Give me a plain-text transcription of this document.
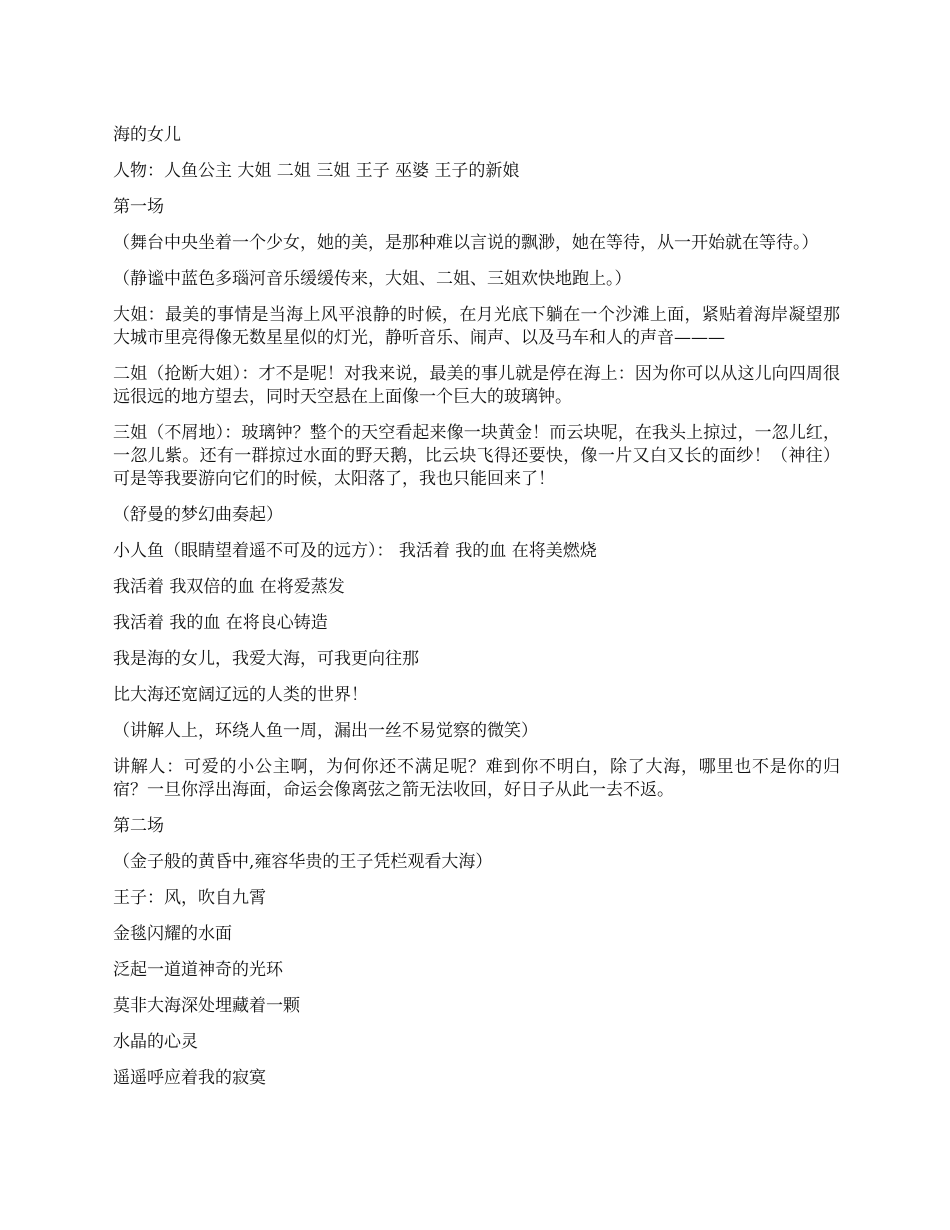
海的女儿

人物：人鱼公主 大姐 二姐 三姐 王子 巫婆 王子的新娘

第一场

（舞台中央坐着一个少女，她的美，是那种难以言说的飘渺，她在等待，从一开始就在等待。）

（静谧中蓝色多瑙河音乐缓缓传来，大姐、二姐、三姐欢快地跑上。）

大姐：最美的事情是当海上风平浪静的时候，在月光底下躺在一个沙滩上面，紧贴着海岸凝望那大城市里亮得像无数星星似的灯光，静听音乐、闹声、以及马车和人的声音———

二姐（抢断大姐）：才不是呢！对我来说，最美的事儿就是停在海上：因为你可以从这儿向四周很远很远的地方望去，同时天空悬在上面像一个巨大的玻璃钟。

三姐（不屑地）：玻璃钟？整个的天空看起来像一块黄金！而云块呢，在我头上掠过，一忽儿红，一忽儿紫。还有一群掠过水面的野天鹅，比云块飞得还要快，像一片又白又长的面纱！（神往）可是等我要游向它们的时候，太阳落了，我也只能回来了！

（舒曼的梦幻曲奏起）

小人鱼（眼睛望着遥不可及的远方）： 我活着 我的血 在将美燃烧

我活着 我双倍的血 在将爱蒸发

我活着 我的血 在将良心铸造

我是海的女儿，我爱大海，可我更向往那

比大海还宽阔辽远的人类的世界！

（讲解人上，环绕人鱼一周，漏出一丝不易觉察的微笑）

讲解人：可爱的小公主啊，为何你还不满足呢？难到你不明白，除了大海，哪里也不是你的归宿？一旦你浮出海面，命运会像离弦之箭无法收回，好日子从此一去不返。

第二场

（金子般的黄昏中,雍容华贵的王子凭栏观看大海）

王子：风，吹自九霄

金毯闪耀的水面

泛起一道道神奇的光环

莫非大海深处埋藏着一颗

水晶的心灵

遥遥呼应着我的寂寞
